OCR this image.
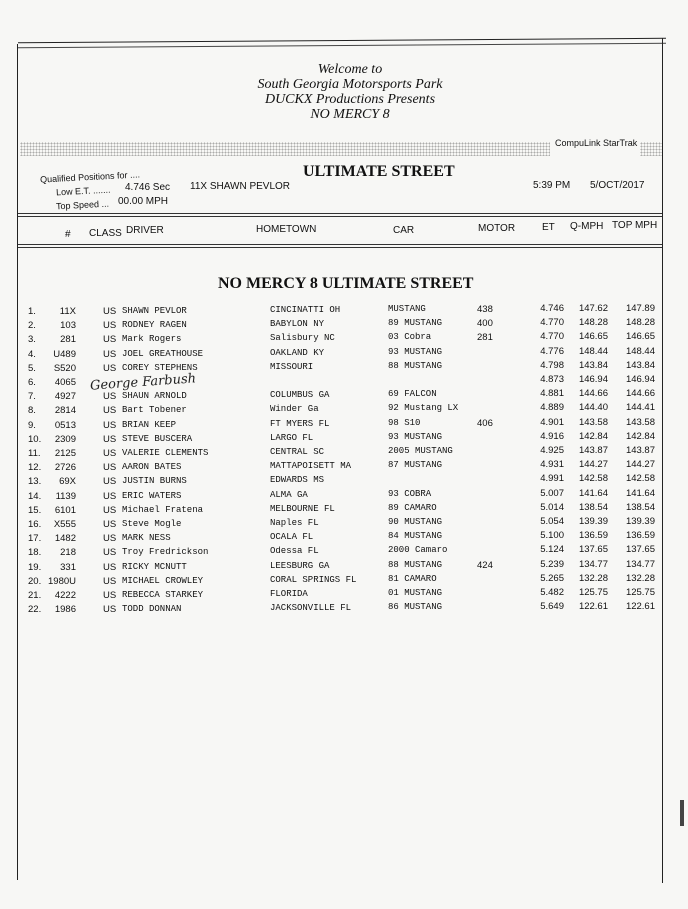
Welcome to
South Georgia Motorsports Park
DUCKX Productions Presents
NO MERCY 8
CompuLink StarTrak
ULTIMATE STREET
Qualified Positions for ....
Low E.T. ....... 4.746 Sec 11X SHAWN PEVLOR
Top Speed ... 00.00 MPH
5:39 PM 5/OCT/2017
# CLASS DRIVER	HOMETOWN	CAR	MOTOR	ET Q-MPH TOP MPH
NO MERCY 8 ULTIMATE STREET
1.	11X	US SHAWN PEVLOR	CINCINATTI OH	MUSTANG	438	4.746	147.62	147.89
2.	103	US RODNEY RAGEN	BABYLON NY	89 MUSTANG	400	4.770	148.28	148.28
3.	281	US Mark Rogers	Salisbury NC	03 Cobra	281	4.770	146.65	146.65
4.	U489	US JOEL GREATHOUSE	OAKLAND KY	93 MUSTANG	4.776	148.44	148.44
5.	S520	US COREY STEPHENS	MISSOURI	88 MUSTANG	4.798	143.84	143.84
6.	4065	4.873	146.94	146.94
7.	4927	US SHAUN ARNOLD	COLUMBUS GA	69 FALCON	4.881	144.66	144.66
8.	2814	US Bart Tobener	Winder Ga	92 Mustang LX	4.889	144.40	144.41
9.	0513	US BRIAN KEEP	FT MYERS FL	98 S10	406	4.901	143.58	143.58
10.	2309	US STEVE BUSCERA	LARGO FL	93 MUSTANG	4.916	142.84	142.84
11.	2125	US VALERIE CLEMENTS	CENTRAL SC	2005 MUSTANG	4.925	143.87	143.87
12.	2726	US AARON BATES	MATTAPOISETT MA	87 MUSTANG	4.931	144.27	144.27
13.	69X	US JUSTIN BURNS	EDWARDS MS	4.991	142.58	142.58
14.	1139	US ERIC WATERS	ALMA GA	93 COBRA	5.007	141.64	141.64
15.	6101	US Michael Fratena	MELBOURNE FL	89 CAMARO	5.014	138.54	138.54
16.	X555	US Steve Mogle	Naples FL	90 MUSTANG	5.054	139.39	139.39
17.	1482	US MARK NESS	OCALA FL	84 MUSTANG	5.100	136.59	136.59
18.	218	US Troy Fredrickson	Odessa FL	2000 Camaro	5.124	137.65	137.65
19.	331	US RICKY MCNUTT	LEESBURG GA	88 MUSTANG	424	5.239	134.77	134.77
20. 1980U	US MICHAEL CROWLEY	CORAL SPRINGS FL	81 CAMARO	5.265	132.28	132.28
21.	4222	US REBECCA STARKEY	FLORIDA	01 MUSTANG	5.482	125.75	125.75
22.	1986	US TODD DONNAN	JACKSONVILLE FL	86 MUSTANG	5.649	122.61	122.61
George Farbush
